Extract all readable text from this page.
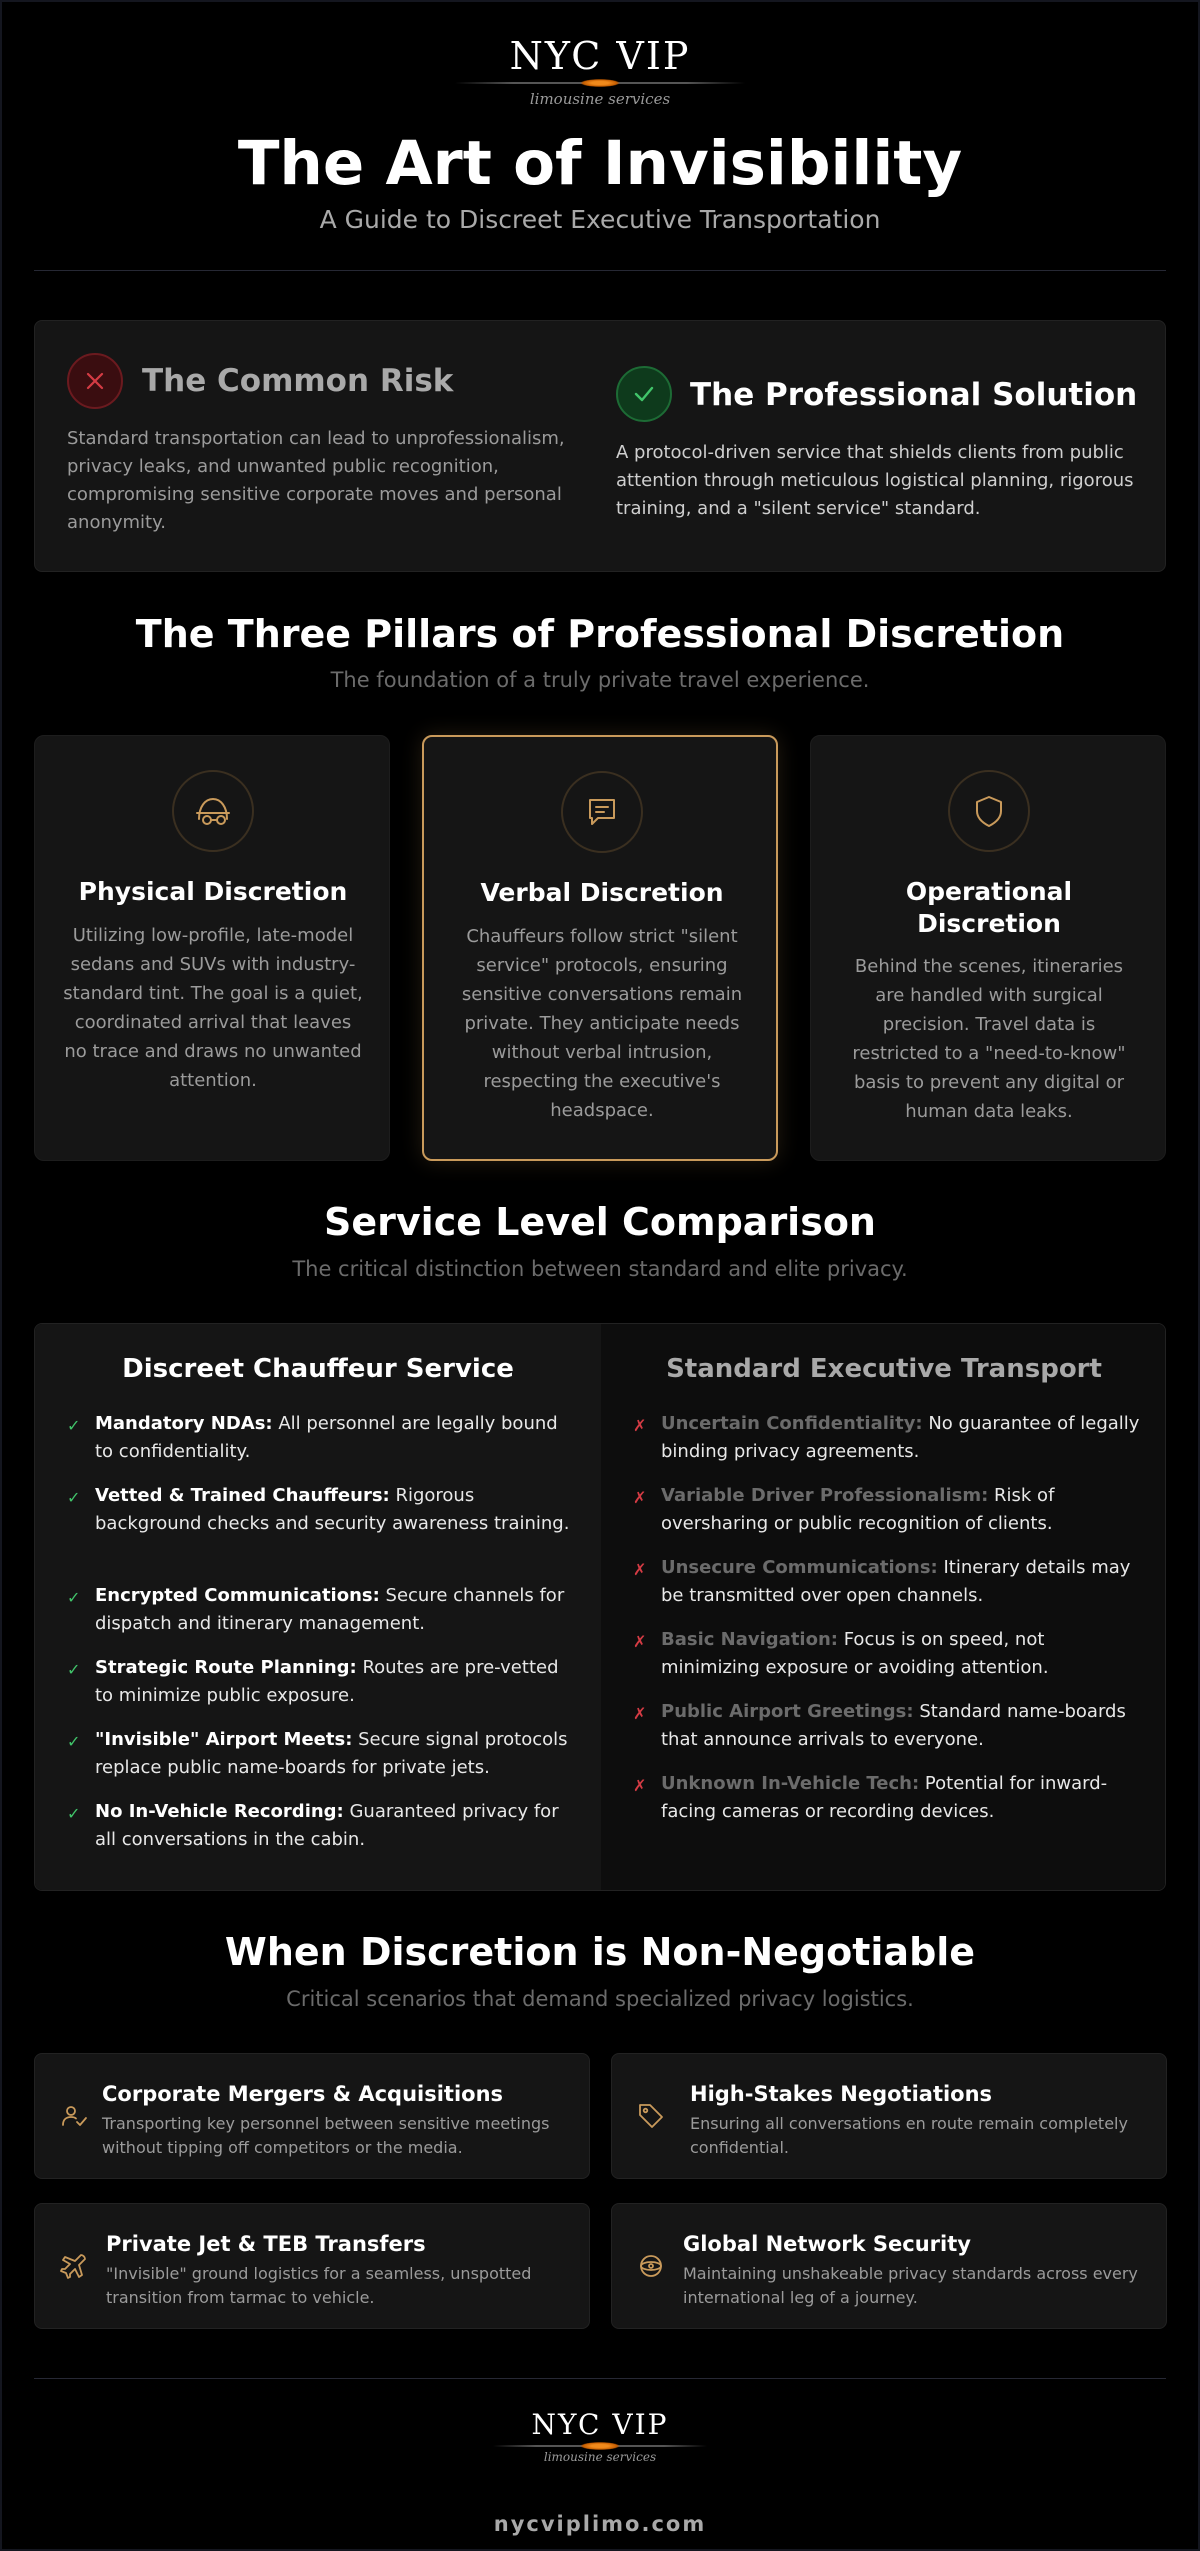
NYC VIP
limousine services
The Art of Invisibility
A Guide to Discreet Executive Transportation
The Common Risk
Standard transportation can lead to unprofessionalism, privacy leaks, and unwanted public recognition, compromising sensitive corporate moves and personal anonymity.
The Professional Solution
A protocol-driven service that shields clients from public attention through meticulous logistical planning, rigorous training, and a "silent service" standard.
The Three Pillars of Professional Discretion
The foundation of a truly private travel experience.
Physical Discretion
Utilizing low-profile, late-model sedans and SUVs with industry-standard tint. The goal is a quiet, coordinated arrival that leaves no trace and draws no unwanted attention.
Verbal Discretion
Chauffeurs follow strict "silent service" protocols, ensuring sensitive conversations remain private. They anticipate needs without verbal intrusion, respecting the executive's headspace.
Operational Discretion
Behind the scenes, itineraries are handled with surgical precision. Travel data is restricted to a "need-to-know" basis to prevent any digital or human data leaks.
Service Level Comparison
The critical distinction between standard and elite privacy.
Discreet Chauffeur Service
✓ Mandatory NDAs: All personnel are legally bound to confidentiality.
✓ Vetted & Trained Chauffeurs: Rigorous background checks and security awareness training.
✓ Encrypted Communications: Secure channels for dispatch and itinerary management.
✓ Strategic Route Planning: Routes are pre-vetted to minimize public exposure.
✓ "Invisible" Airport Meets: Secure signal protocols replace public name-boards for private jets.
✓ No In-Vehicle Recording: Guaranteed privacy for all conversations in the cabin.
Standard Executive Transport
✗ Uncertain Confidentiality: No guarantee of legally binding privacy agreements.
✗ Variable Driver Professionalism: Risk of oversharing or public recognition of clients.
✗ Unsecure Communications: Itinerary details may be transmitted over open channels.
✗ Basic Navigation: Focus is on speed, not minimizing exposure or avoiding attention.
✗ Public Airport Greetings: Standard name-boards that announce arrivals to everyone.
✗ Unknown In-Vehicle Tech: Potential for inward-facing cameras or recording devices.
When Discretion is Non-Negotiable
Critical scenarios that demand specialized privacy logistics.
Corporate Mergers & Acquisitions
Transporting key personnel between sensitive meetings without tipping off competitors or the media.
High-Stakes Negotiations
Ensuring all conversations en route remain completely confidential.
Private Jet & TEB Transfers
"Invisible" ground logistics for a seamless, unspotted transition from tarmac to vehicle.
Global Network Security
Maintaining unshakeable privacy standards across every international leg of a journey.
NYC VIP
limousine services
nycviplimo.com
